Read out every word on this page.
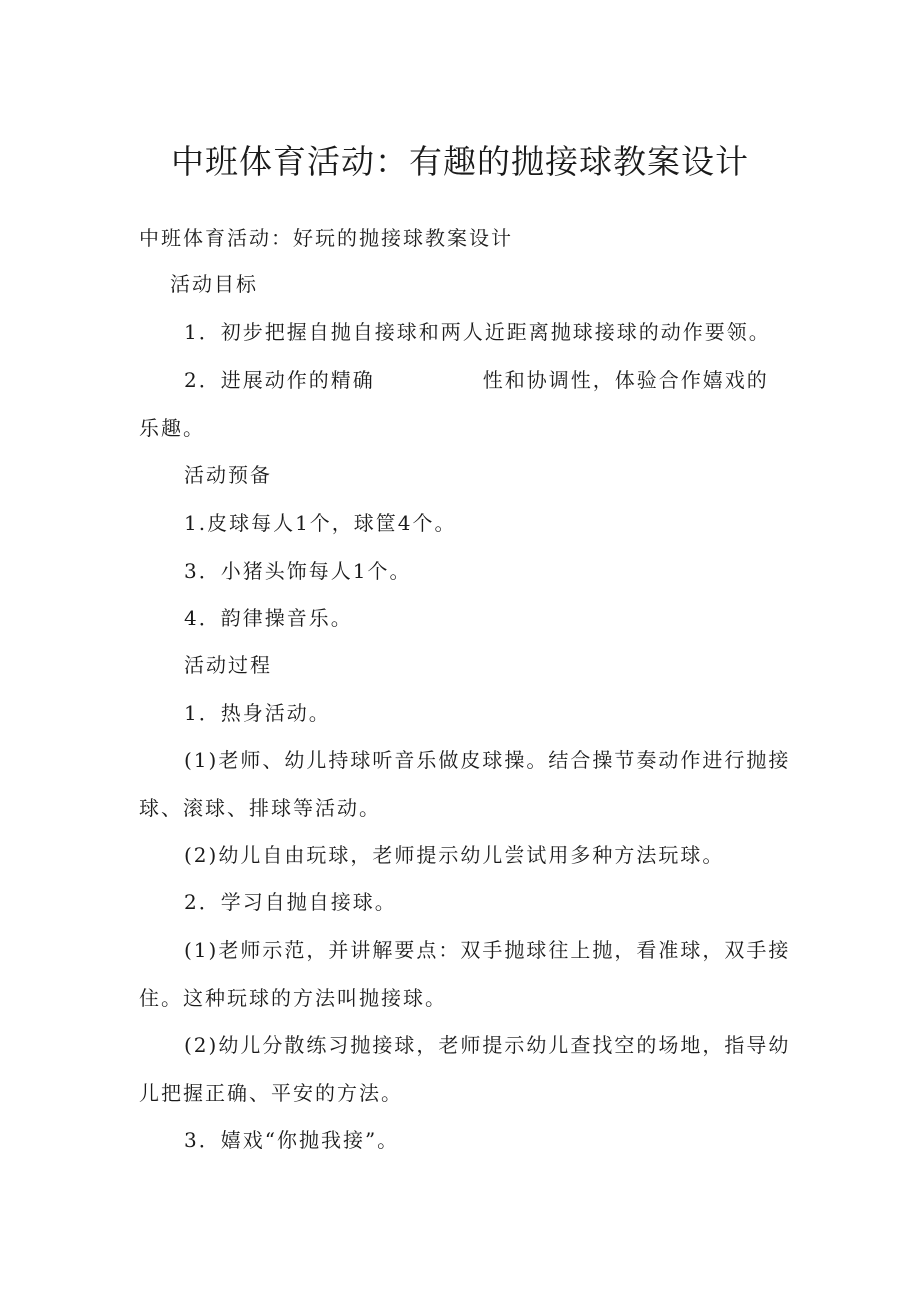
中班体育活动：有趣的抛接球教案设计
中班体育活动：好玩的抛接球教案设计
活动目标
1．初步把握自抛自接球和两人近距离抛球接球的动作要领。
2．进展动作的精确	性和协调性，体验合作嬉戏的
乐趣。
活动预备
1.皮球每人1个，球筐4个。
3．小猪头饰每人1个。
4．韵律操音乐。
活动过程
1．热身活动。
(1)老师、幼儿持球听音乐做皮球操。结合操节奏动作进行抛接
球、滚球、排球等活动。
(2)幼儿自由玩球，老师提示幼儿尝试用多种方法玩球。
2．学习自抛自接球。
(1)老师示范，并讲解要点：双手抛球往上抛，看准球，双手接
住。这种玩球的方法叫抛接球。
(2)幼儿分散练习抛接球，老师提示幼儿查找空的场地，指导幼
儿把握正确、平安的方法。
3．嬉戏“你抛我接”。
